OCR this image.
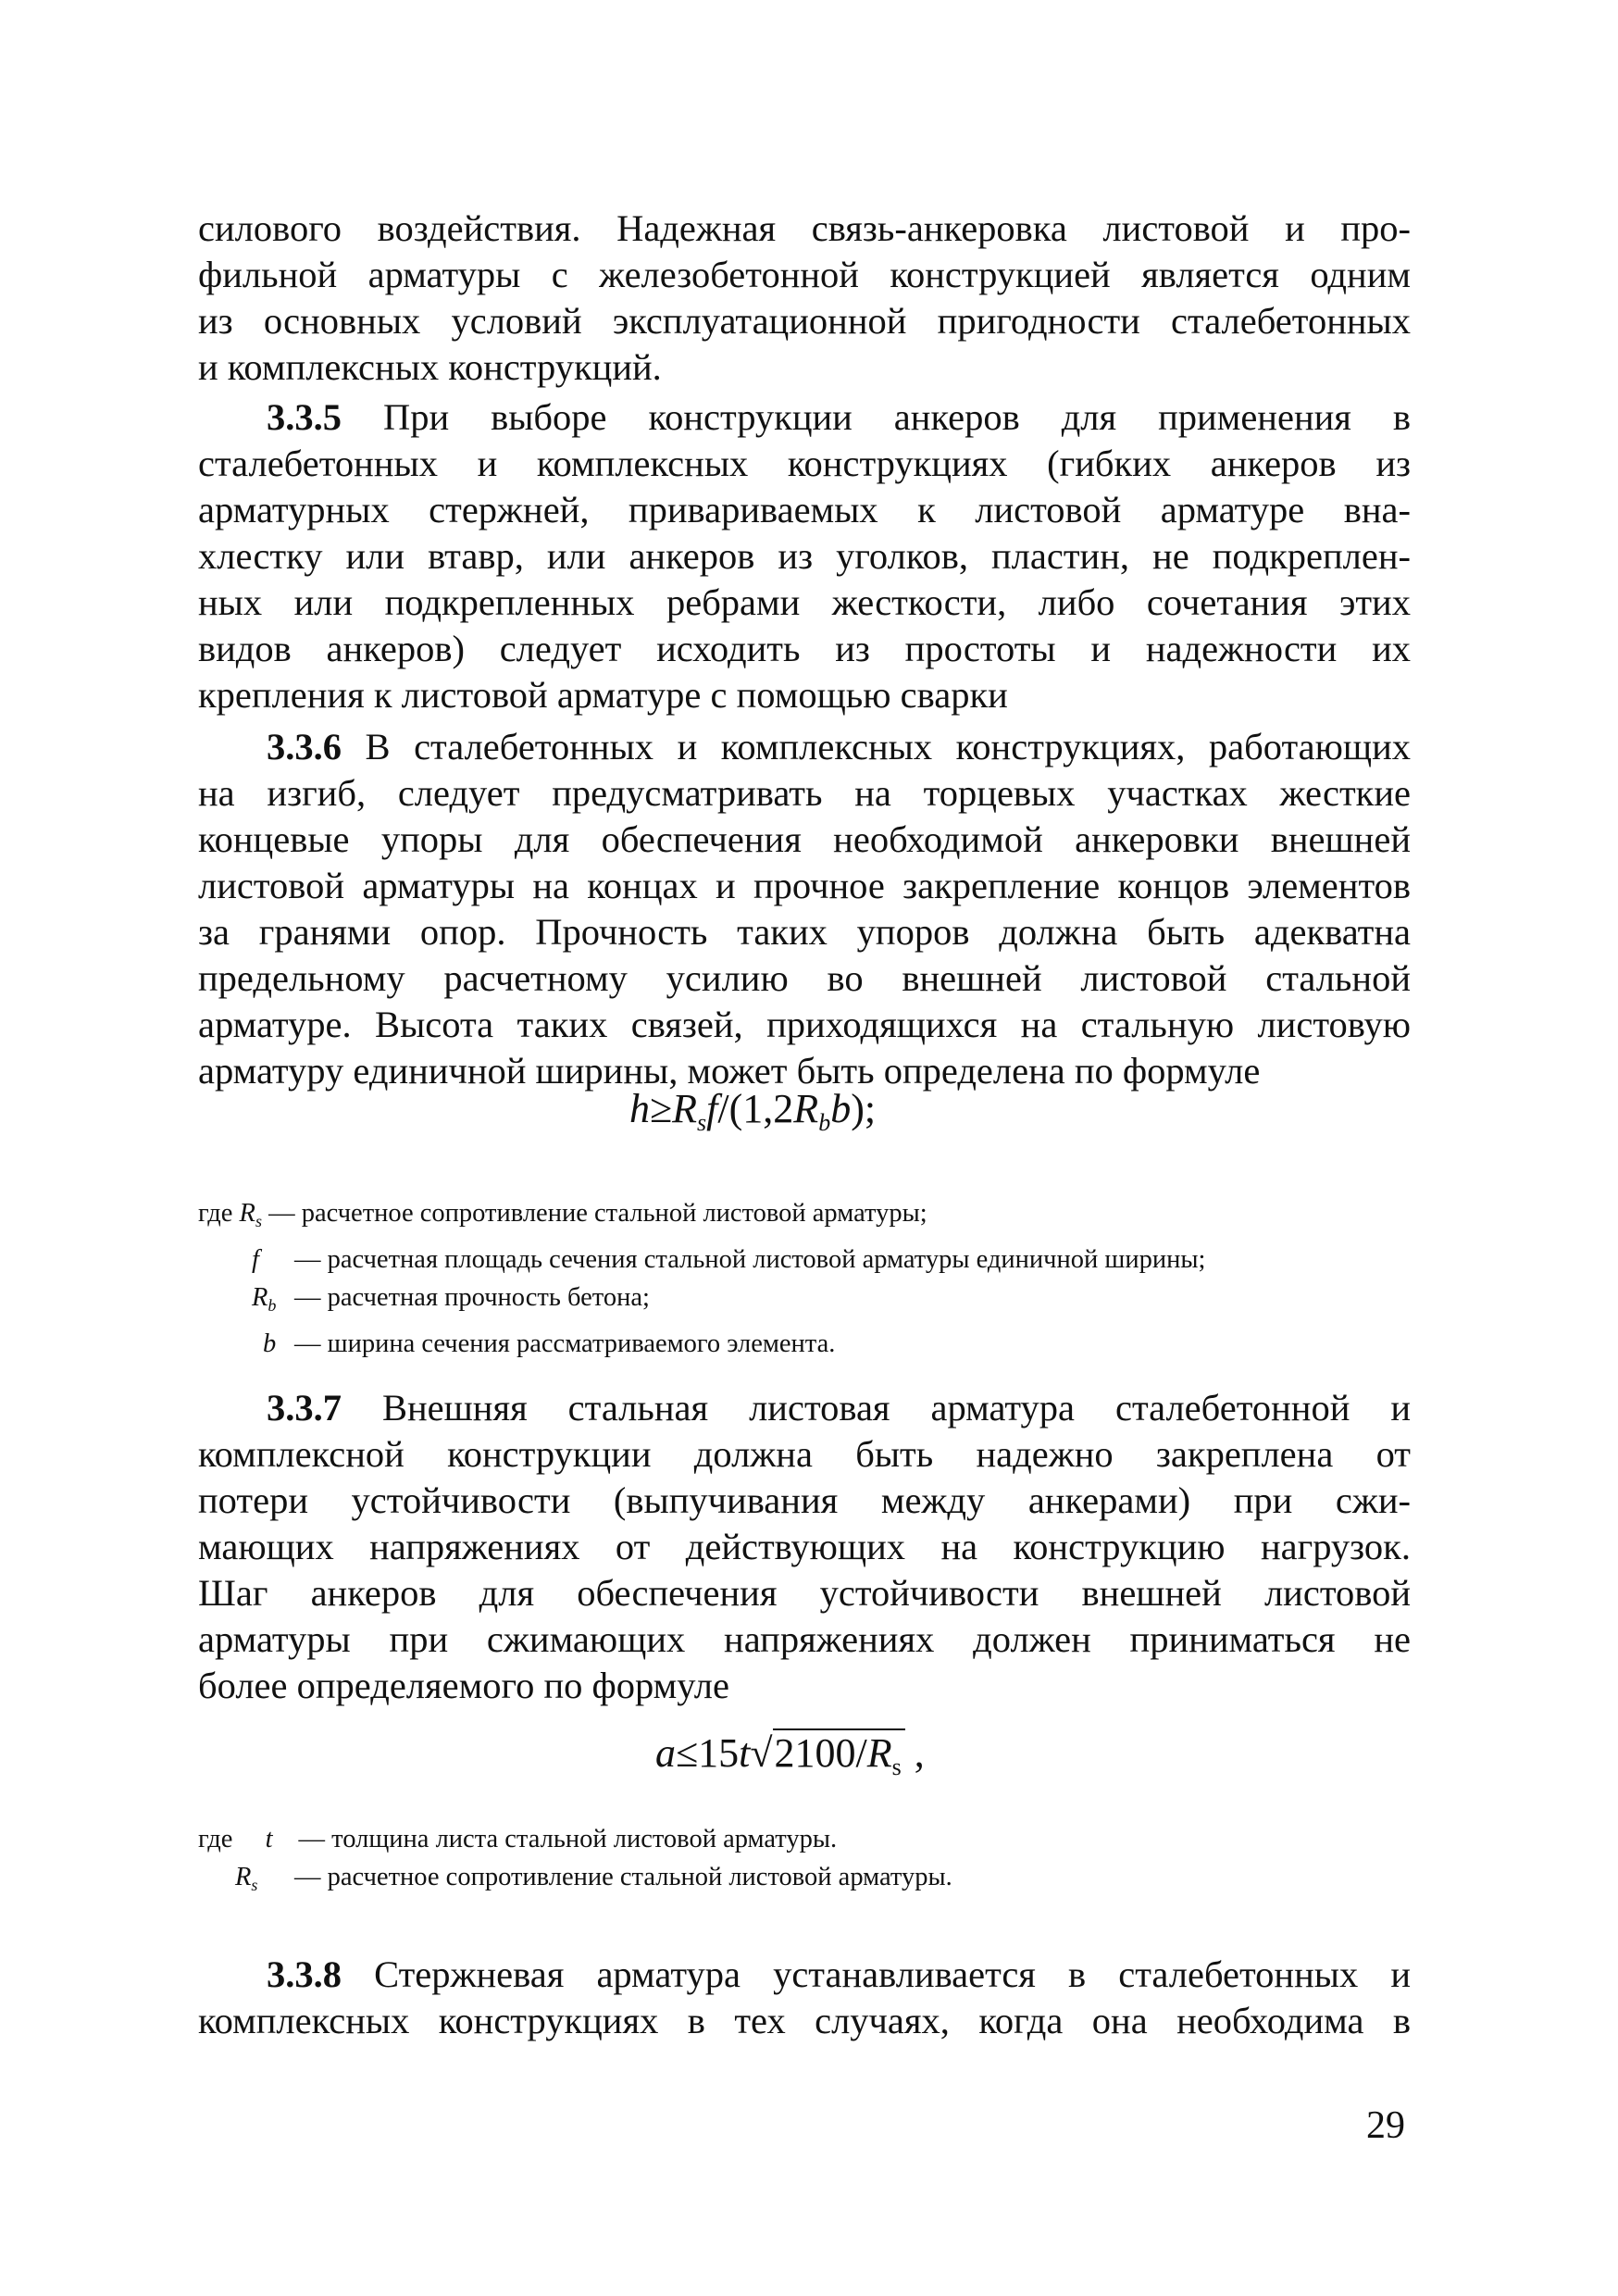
силового воздействия. Надежная связь-анкеровка листовой и про-
фильной арматуры с железобетонной конструкцией является одним
из основных условий эксплуатационной пригодности сталебетонных
и комплексных конструкций.
3.3.5 При выборе конструкции анкеров для применения в
сталебетонных и комплексных конструкциях (гибких анкеров из
арматурных стержней, привариваемых к листовой арматуре вна-
хлестку или втавр, или анкеров из уголков, пластин, не подкреплен-
ных или подкрепленных ребрами жесткости, либо сочетания этих
видов анкеров) следует исходить из простоты и надежности их
крепления к листовой арматуре с помощью сварки
3.3.6 В сталебетонных и комплексных конструкциях, работающих
на изгиб, следует предусматривать на торцевых участках жесткие
концевые упоры для обеспечения необходимой анкеровки внешней
листовой арматуры на концах и прочное закрепление концов элементов
за гранями опор. Прочность таких упоров должна быть адекватна
предельному расчетному усилию во внешней листовой стальной
арматуре. Высота таких связей, приходящихся на стальную листовую
арматуру единичной ширины, может быть определена по формуле
$h\ge R_sf/(1,2R_bb)$;
где $R_s$ — расчетное сопротивление стальной листовой арматуры;
f — расчетная площадь сечения стальной листовой арматуры единичной ширины;
$R_b$ — расчетная прочность бетона;
b — ширина сечения рассматриваемого элемента.
3.3.7 Внешняя стальная листовая арматура сталебетонной и
комплексной конструкции должна быть надежно закреплена от
потери устойчивости (выпучивания между анкерами) при сжи-
мающих напряжениях от действующих на конструкцию нагрузок.
Шаг анкеров для обеспечения устойчивости внешней листовой
арматуры при сжимающих напряжениях должен приниматься не
более определяемого по формуле
$a\le 15t√2100/R_s$ ,
где t — толщина листа стальной листовой арматуры.
$R_s$ — расчетное сопротивление стальной листовой арматуры.
3.3.8 Стержневая арматура устанавливается в сталебетонных и
комплексных конструкциях в тех случаях, когда она необходима в
29
